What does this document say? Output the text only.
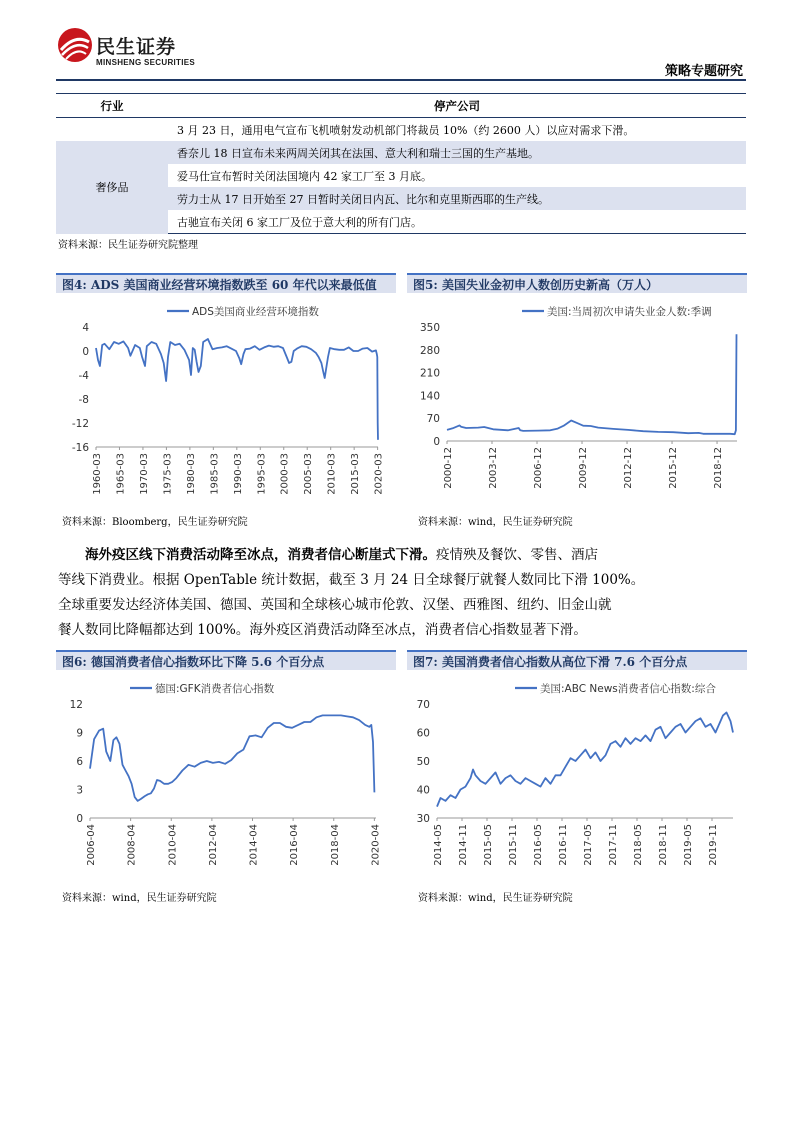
民生证券
MINSHENG SECURITIES
策略专题研究
行业	停产公司
	3 月 23 日，通用电气宣布飞机喷射发动机部门将裁员 10%（约 2600 人）以应对需求下滑。
奢侈品	香奈儿 18 日宣布未来两周关闭其在法国、意大利和瑞士三国的生产基地。
	爱马仕宣布暂时关闭法国境内 42 家工厂至 3 月底。
	劳力士从 17 日开始至 27 日暂时关闭日内瓦、比尔和克里斯西耶的生产线。
	古驰宣布关闭 6 家工厂及位于意大利的所有门店。
资料来源：民生证券研究院整理
图4: ADS 美国商业经营环境指数跌至 60 年代以来最低值	图5: 美国失业金初申人数创历史新高（万人）
ADS美国商业经营环境指数
4
0
-4
-8
-12
-16
1960-03 1965-03 1970-03 1975-03 1980-03 1985-03 1990-03 1995-03 2000-03 2005-03 2010-03 2015-03 2020-03
美国:当周初次申请失业金人数:季调
350
280
210
140
70
0
2000-12	2003-12	2006-12	2009-12	2012-12	2015-12	2018-12
资料来源：Bloomberg，民生证券研究院	资料来源：wind，民生证券研究院
海外疫区线下消费活动降至冰点，消费者信心断崖式下滑。疫情殃及餐饮、零售、酒店
等线下消费业。根据 OpenTable 统计数据，截至 3 月 24 日全球餐厅就餐人数同比下滑 100%。
全球重要发达经济体美国、德国、英国和全球核心城市伦敦、汉堡、西雅图、纽约、旧金山就
餐人数同比降幅都达到 100%。海外疫区消费活动降至冰点，消费者信心指数显著下滑。
图6: 德国消费者信心指数环比下降 5.6 个百分点	图7: 美国消费者信心指数从高位下滑 7.6 个百分点
德国:GFK消费者信心指数
12
9
6
3
0
2006-04	2008-04	2010-04	2012-04	2014-04	2016-04	2018-04	2020-04
美国:ABC News消费者信心指数:综合
70
60
50
40
30
2014-05 2014-11 2015-05 2015-11 2016-05 2016-11 2017-05 2017-11 2018-05 2018-11 2019-05 2019-11
资料来源：wind，民生证券研究院	资料来源：wind，民生证券研究院
